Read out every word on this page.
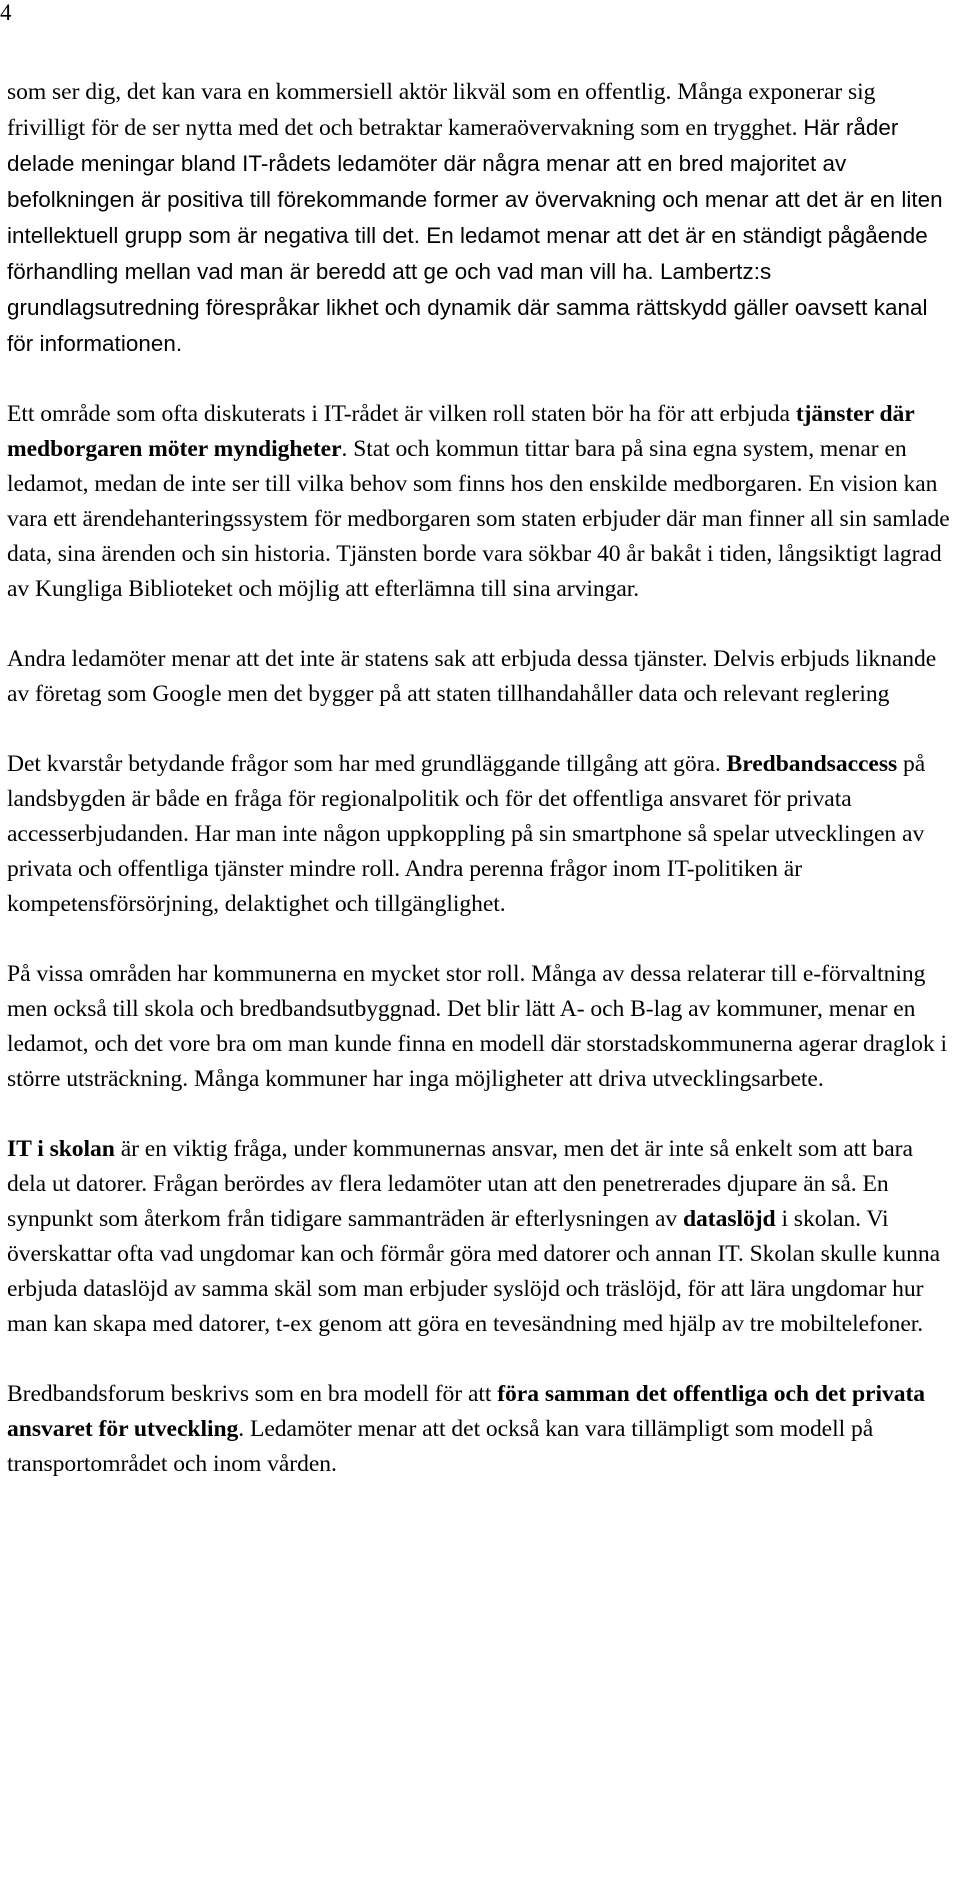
4

som ser dig, det kan vara en kommersiell aktör likväl som en offentlig. Många exponerar sig frivilligt för de ser nytta med det och betraktar kameraövervakning som en trygghet. Här råder delade meningar bland IT-rådets ledamöter där några menar att en bred majoritet av befolkningen är positiva till förekommande former av övervakning och menar att det är en liten intellektuell grupp som är negativa till det. En ledamot menar att det är en ständigt pågående förhandling mellan vad man är beredd att ge och vad man vill ha. Lambertz:s grundlagsutredning förespråkar likhet och dynamik där samma rättskydd gäller oavsett kanal för informationen.

Ett område som ofta diskuterats i IT-rådet är vilken roll staten bör ha för att erbjuda tjänster där medborgaren möter myndigheter. Stat och kommun tittar bara på sina egna system, menar en ledamot, medan de inte ser till vilka behov som finns hos den enskilde medborgaren. En vision kan vara ett ärendehanteringssystem för medborgaren som staten erbjuder där man finner all sin samlade data, sina ärenden och sin historia. Tjänsten borde vara sökbar 40 år bakåt i tiden, långsiktigt lagrad av Kungliga Biblioteket och möjlig att efterlämna till sina arvingar.

Andra ledamöter menar att det inte är statens sak att erbjuda dessa tjänster. Delvis erbjuds liknande av företag som Google men det bygger på att staten tillhandahåller data och relevant reglering

Det kvarstår betydande frågor som har med grundläggande tillgång att göra. Bredbandsaccess på landsbygden är både en fråga för regionalpolitik och för det offentliga ansvaret för privata accesserbjudanden. Har man inte någon uppkoppling på sin smartphone så spelar utvecklingen av privata och offentliga tjänster mindre roll. Andra perenna frågor inom IT-politiken är kompetensförsörjning, delaktighet och tillgänglighet.

På vissa områden har kommunerna en mycket stor roll. Många av dessa relaterar till e-förvaltning men också till skola och bredbandsutbyggnad. Det blir lätt A- och B-lag av kommuner, menar en ledamot, och det vore bra om man kunde finna en modell där storstadskommunerna agerar draglok i större utsträckning. Många kommuner har inga möjligheter att driva utvecklingsarbete.

IT i skolan är en viktig fråga, under kommunernas ansvar, men det är inte så enkelt som att bara dela ut datorer. Frågan berördes av flera ledamöter utan att den penetrerades djupare än så. En synpunkt som återkom från tidigare sammanträden är efterlysningen av dataslöjd i skolan. Vi överskattar ofta vad ungdomar kan och förmår göra med datorer och annan IT. Skolan skulle kunna erbjuda dataslöjd av samma skäl som man erbjuder syslöjd och träslöjd, för att lära ungdomar hur man kan skapa med datorer, t-ex genom att göra en tevesändning med hjälp av tre mobiltelefoner.

Bredbandsforum beskrivs som en bra modell för att föra samman det offentliga och det privata ansvaret för utveckling. Ledamöter menar att det också kan vara tillämpligt som modell på transportområdet och inom vården.
